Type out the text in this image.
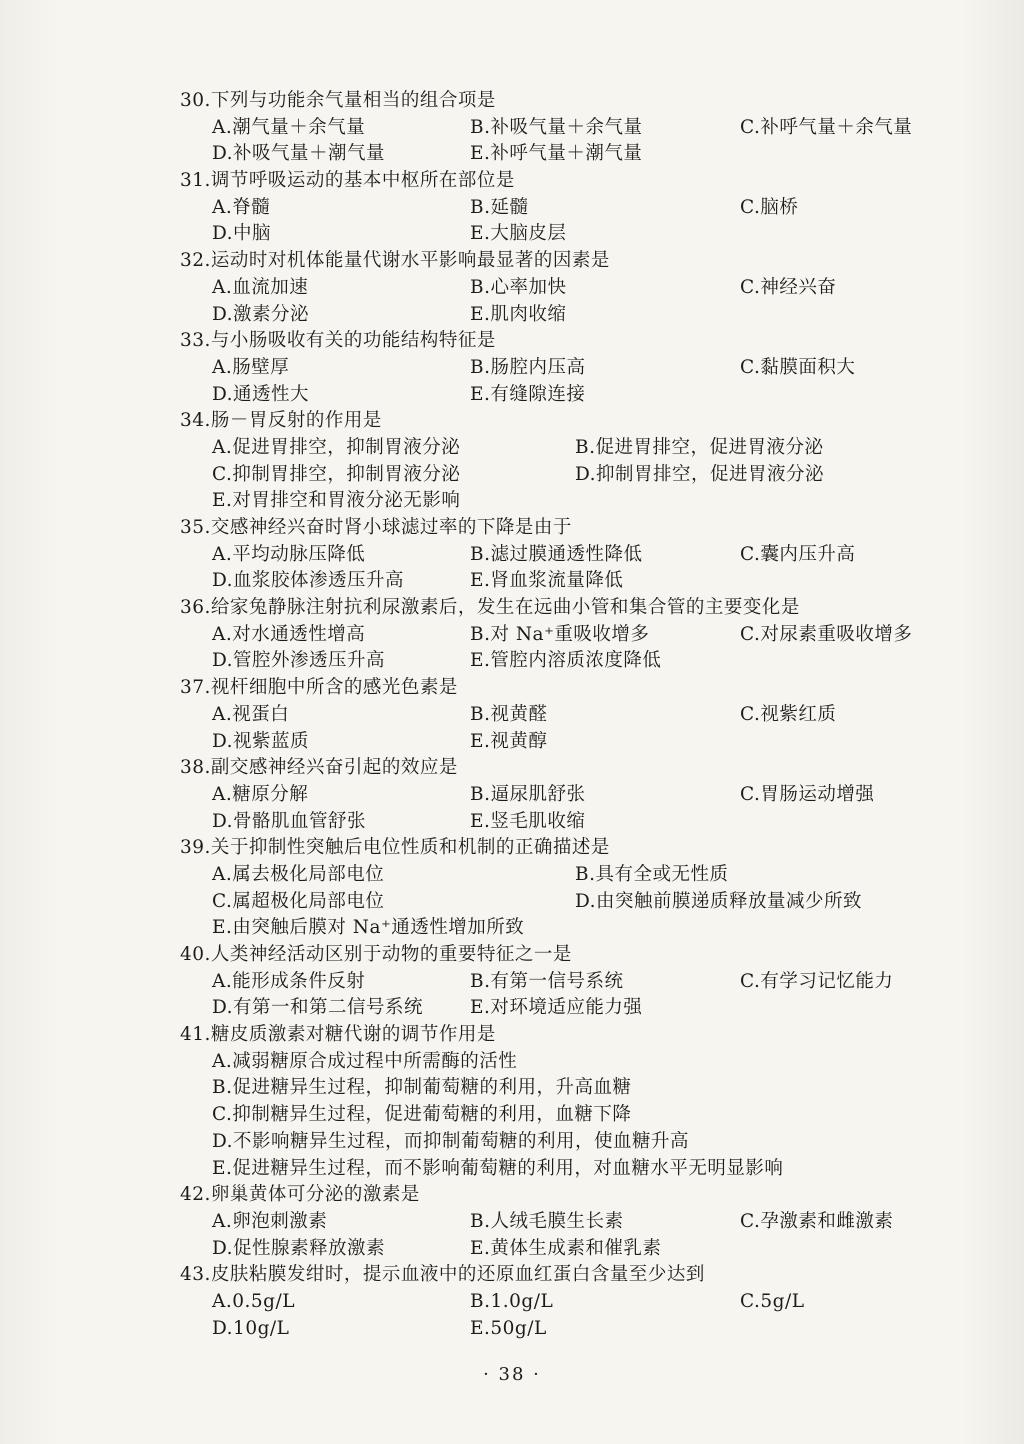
30.下列与功能余气量相当的组合项是
A.潮气量＋余气量	B.补吸气量＋余气量	C.补呼气量＋余气量
D.补吸气量＋潮气量	E.补呼气量＋潮气量
31.调节呼吸运动的基本中枢所在部位是
A.脊髓	B.延髓	C.脑桥
D.中脑	E.大脑皮层
32.运动时对机体能量代谢水平影响最显著的因素是
A.血流加速	B.心率加快	C.神经兴奋
D.激素分泌	E.肌肉收缩
33.与小肠吸收有关的功能结构特征是
A.肠壁厚	B.肠腔内压高	C.黏膜面积大
D.通透性大	E.有缝隙连接
34.肠－胃反射的作用是
A.促进胃排空，抑制胃液分泌	B.促进胃排空，促进胃液分泌
C.抑制胃排空，抑制胃液分泌	D.抑制胃排空，促进胃液分泌
E.对胃排空和胃液分泌无影响
35.交感神经兴奋时肾小球滤过率的下降是由于
A.平均动脉压降低	B.滤过膜通透性降低	C.囊内压升高
D.血浆胶体渗透压升高	E.肾血浆流量降低
36.给家兔静脉注射抗利尿激素后，发生在远曲小管和集合管的主要变化是
A.对水通透性增高	B.对 Na⁺重吸收增多	C.对尿素重吸收增多
D.管腔外渗透压升高	E.管腔内溶质浓度降低
37.视杆细胞中所含的感光色素是
A.视蛋白	B.视黄醛	C.视紫红质
D.视紫蓝质	E.视黄醇
38.副交感神经兴奋引起的效应是
A.糖原分解	B.逼尿肌舒张	C.胃肠运动增强
D.骨骼肌血管舒张	E.竖毛肌收缩
39.关于抑制性突触后电位性质和机制的正确描述是
A.属去极化局部电位	B.具有全或无性质
C.属超极化局部电位	D.由突触前膜递质释放量减少所致
E.由突触后膜对 Na⁺通透性增加所致
40.人类神经活动区别于动物的重要特征之一是
A.能形成条件反射	B.有第一信号系统	C.有学习记忆能力
D.有第一和第二信号系统	E.对环境适应能力强
41.糖皮质激素对糖代谢的调节作用是
A.减弱糖原合成过程中所需酶的活性
B.促进糖异生过程，抑制葡萄糖的利用，升高血糖
C.抑制糖异生过程，促进葡萄糖的利用，血糖下降
D.不影响糖异生过程，而抑制葡萄糖的利用，使血糖升高
E.促进糖异生过程，而不影响葡萄糖的利用，对血糖水平无明显影响
42.卵巢黄体可分泌的激素是
A.卵泡刺激素	B.人绒毛膜生长素	C.孕激素和雌激素
D.促性腺素释放激素	E.黄体生成素和催乳素
43.皮肤粘膜发绀时，提示血液中的还原血红蛋白含量至少达到
A.0.5g/L	B.1.0g/L	C.5g/L
D.10g/L	E.50g/L
· 38 ·
